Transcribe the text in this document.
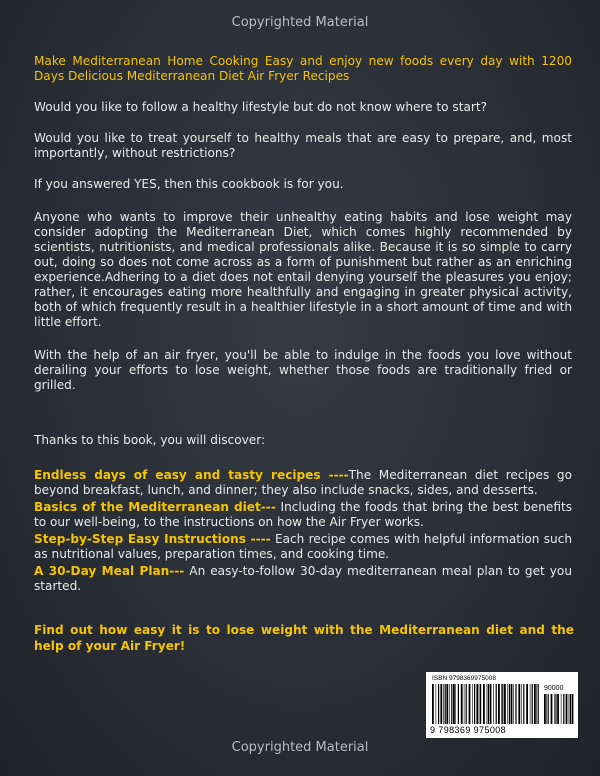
Copyrighted Material

Make Mediterranean Home Cooking Easy and enjoy new foods every day with 1200 Days Delicious Mediterranean Diet Air Fryer Recipes

Would you like to follow a healthy lifestyle but do not know where to start?

Would you like to treat yourself to healthy meals that are easy to prepare, and, most importantly, without restrictions?

If you answered YES, then this cookbook is for you.

Anyone who wants to improve their unhealthy eating habits and lose weight may consider adopting the Mediterranean Diet, which comes highly recommended by scientists, nutritionists, and medical professionals alike. Because it is so simple to carry out, doing so does not come across as a form of punishment but rather as an enriching experience.Adhering to a diet does not entail denying yourself the pleasures you enjoy; rather, it encourages eating more healthfully and engaging in greater physical activity, both of which frequently result in a healthier lifestyle in a short amount of time and with little effort.

With the help of an air fryer, you'll be able to indulge in the foods you love without derailing your efforts to lose weight, whether those foods are traditionally fried or grilled.

Thanks to this book, you will discover:

Endless days of easy and tasty recipes ----The Mediterranean diet recipes go beyond breakfast, lunch, and dinner; they also include snacks, sides, and desserts.

Basics of the Mediterranean diet--- Including the foods that bring the best benefits to our well-being, to the instructions on how the Air Fryer works.

Step-by-Step Easy Instructions ---- Each recipe comes with helpful information such as nutritional values, preparation times, and cooking time.

A 30-Day Meal Plan--- An easy-to-follow 30-day mediterranean meal plan to get you started.

Find out how easy it is to lose weight with the Mediterranean diet and the help of your Air Fryer!

ISBN 9798369975008
90000
9 798369 975008
Copyrighted Material
